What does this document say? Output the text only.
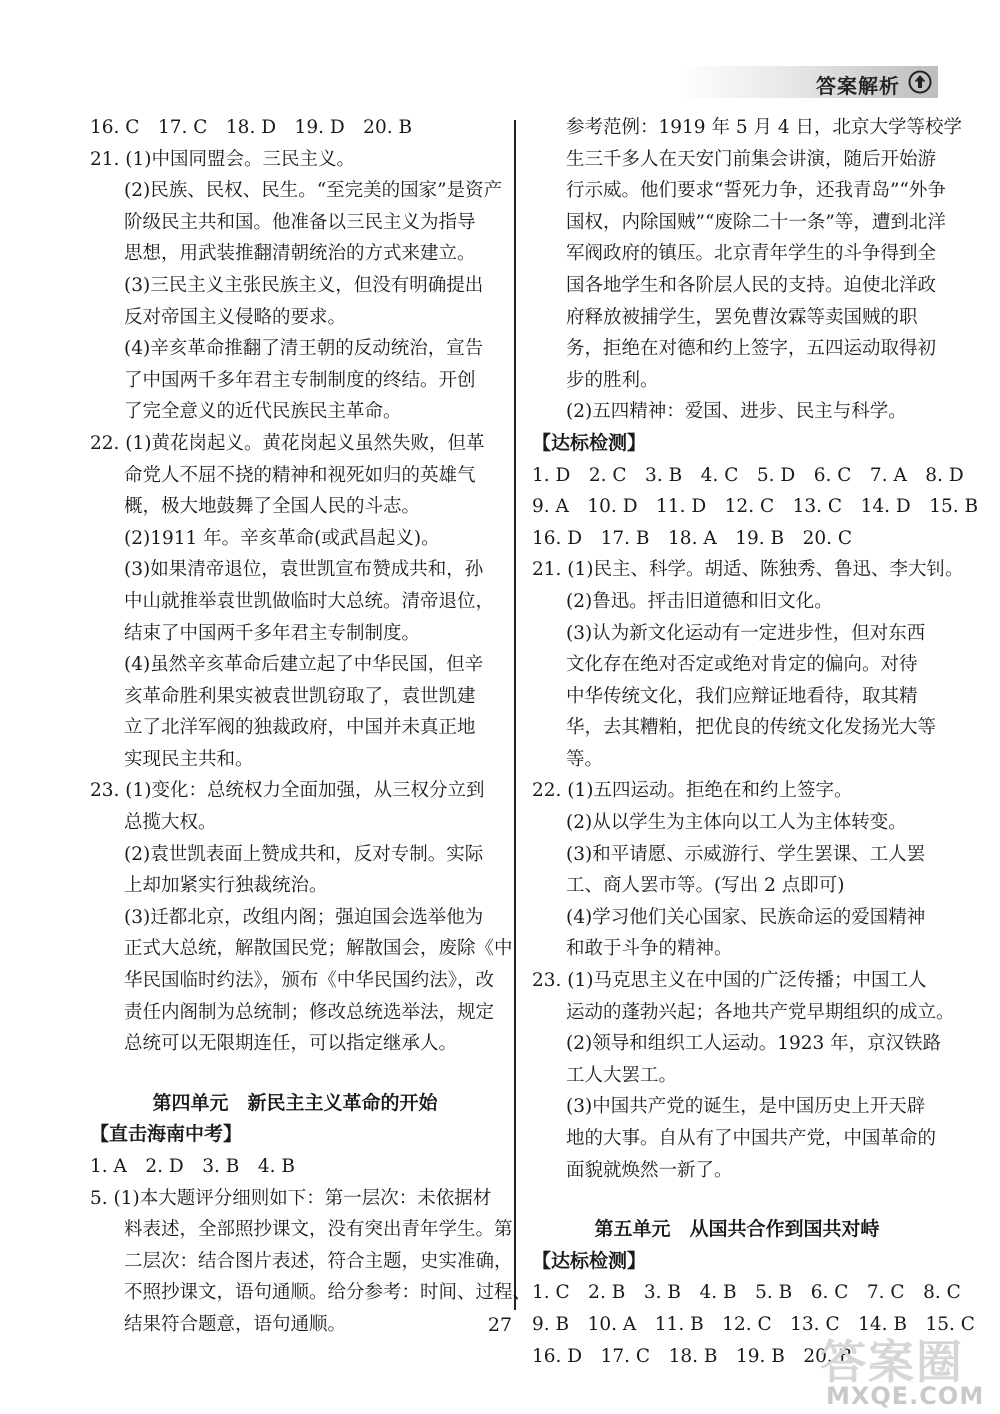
答案解析
16. C　17. C　18. D　19. D　20. B
21. (1)中国同盟会。三民主义。
(2)民族、民权、民生。“至完美的国家”是资产
阶级民主共和国。他准备以三民主义为指导
思想，用武装推翻清朝统治的方式来建立。
(3)三民主义主张民族主义，但没有明确提出
反对帝国主义侵略的要求。
(4)辛亥革命推翻了清王朝的反动统治，宣告
了中国两千多年君主专制制度的终结。开创
了完全意义的近代民族民主革命。
22. (1)黄花岗起义。黄花岗起义虽然失败，但革
命党人不屈不挠的精神和视死如归的英雄气
概，极大地鼓舞了全国人民的斗志。
(2)1911 年。辛亥革命(或武昌起义)。
(3)如果清帝退位，袁世凯宣布赞成共和，孙
中山就推举袁世凯做临时大总统。清帝退位，
结束了中国两千多年君主专制制度。
(4)虽然辛亥革命后建立起了中华民国，但辛
亥革命胜利果实被袁世凯窃取了，袁世凯建
立了北洋军阀的独裁政府，中国并未真正地
实现民主共和。
23. (1)变化：总统权力全面加强，从三权分立到
总揽大权。
(2)袁世凯表面上赞成共和，反对专制。实际
上却加紧实行独裁统治。
(3)迁都北京，改组内阁；强迫国会选举他为
正式大总统，解散国民党；解散国会，废除《中
华民国临时约法》，颁布《中华民国约法》，改
责任内阁制为总统制；修改总统选举法，规定
总统可以无限期连任，可以指定继承人。
第四单元　新民主主义革命的开始
【直击海南中考】
1. A　2. D　3. B　4. B
5. (1)本大题评分细则如下：第一层次：未依据材
料表述，全部照抄课文，没有突出青年学生。第
二层次：结合图片表述，符合主题，史实准确，
不照抄课文，语句通顺。给分参考：时间、过程、
结果符合题意，语句通顺。
参考范例：1919 年 5 月 4 日，北京大学等校学
生三千多人在天安门前集会讲演，随后开始游
行示威。他们要求“誓死力争，还我青岛”“外争
国权，内除国贼”“废除二十一条”等，遭到北洋
军阀政府的镇压。北京青年学生的斗争得到全
国各地学生和各阶层人民的支持。迫使北洋政
府释放被捕学生，罢免曹汝霖等卖国贼的职
务，拒绝在对德和约上签字，五四运动取得初
步的胜利。
(2)五四精神：爱国、进步、民主与科学。
【达标检测】
1. D　2. C　3. B　4. C　5. D　6. C　7. A　8. D
9. A　10. D　11. D　12. C　13. C　14. D　15. B
16. D　17. B　18. A　19. B　20. C
21. (1)民主、科学。胡适、陈独秀、鲁迅、李大钊。
(2)鲁迅。抨击旧道德和旧文化。
(3)认为新文化运动有一定进步性，但对东西
文化存在绝对否定或绝对肯定的偏向。对待
中华传统文化，我们应辩证地看待，取其精
华，去其糟粕，把优良的传统文化发扬光大等
等。
22. (1)五四运动。拒绝在和约上签字。
(2)从以学生为主体向以工人为主体转变。
(3)和平请愿、示威游行、学生罢课、工人罢
工、商人罢市等。(写出 2 点即可)
(4)学习他们关心国家、民族命运的爱国精神
和敢于斗争的精神。
23. (1)马克思主义在中国的广泛传播；中国工人
运动的蓬勃兴起；各地共产党早期组织的成立。
(2)领导和组织工人运动。1923 年，京汉铁路
工人大罢工。
(3)中国共产党的诞生，是中国历史上开天辟
地的大事。自从有了中国共产党，中国革命的
面貌就焕然一新了。
第五单元　从国共合作到国共对峙
【达标检测】
1. C　2. B　3. B　4. B　5. B　6. C　7. C　8. C
9. B　10. A　11. B　12. C　13. C　14. B　15. C
16. D　17. C　18. B　19. B　20. B
27
答案圈
MXQE.COM
